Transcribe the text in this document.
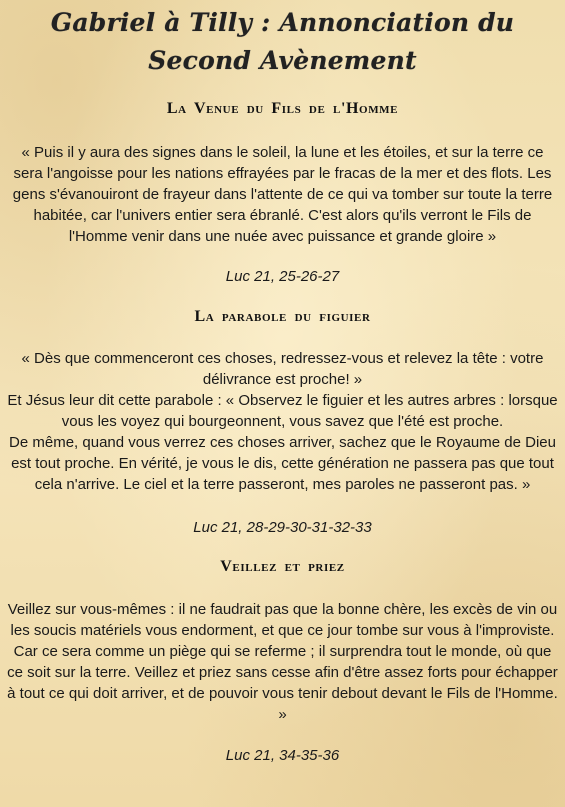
Gabriel à Tilly : Annonciation du Second Avènement
La Venue du Fils de l'Homme

« Puis il y aura des signes dans le soleil, la lune et les étoiles, et sur la terre ce sera l'angoisse pour les nations effrayées par le fracas de la mer et des flots. Les gens s'évanouiront de frayeur dans l'attente de ce qui va tomber sur toute la terre habitée, car l'univers entier sera ébranlé. C'est alors qu'ils verront le Fils de l'Homme venir dans une nuée avec puissance et grande gloire »

Luc 21, 25-26-27

La parabole du figuier

« Dès que commenceront ces choses, redressez-vous et relevez la tête : votre délivrance est proche! »

Et Jésus leur dit cette parabole : « Observez le figuier et les autres arbres : lorsque vous les voyez qui bourgeonnent, vous savez que l'été est proche.

De même, quand vous verrez ces choses arriver, sachez que le Royaume de Dieu est tout proche. En vérité, je vous le dis, cette génération ne passera pas que tout cela n'arrive. Le ciel et la terre passeront, mes paroles ne passeront pas. »

Luc 21, 28-29-30-31-32-33

Veillez et priez

Veillez sur vous-mêmes : il ne faudrait pas que la bonne chère, les excès de vin ou les soucis matériels vous endorment, et que ce jour tombe sur vous à l'improviste. Car ce sera comme un piège qui se referme ; il surprendra tout le monde, où que ce soit sur la terre. Veillez et priez sans cesse afin d'être assez forts pour échapper à tout ce qui doit arriver, et de pouvoir vous tenir debout devant le Fils de l'Homme. »

Luc 21, 34-35-36
